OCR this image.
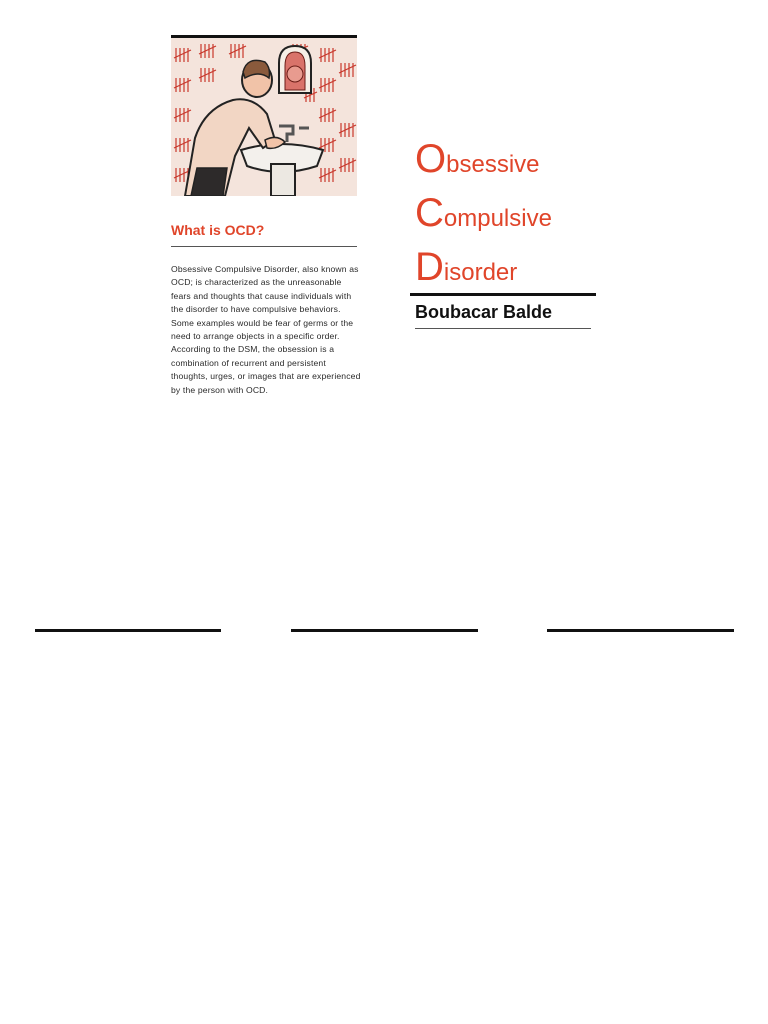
What is OCD?
Obsessive Compulsive Disorder, also known as OCD; is characterized as the unreasonable fears and thoughts that cause individuals with the disorder to have compulsive behaviors. Some examples would be fear of germs or the need to arrange objects in a specific order. According to the DSM, the obsession is a combination of recurrent and persistent thoughts, urges, or images that are experienced by the person with OCD.
Obsessive
Compulsive
Disorder
Boubacar Balde
